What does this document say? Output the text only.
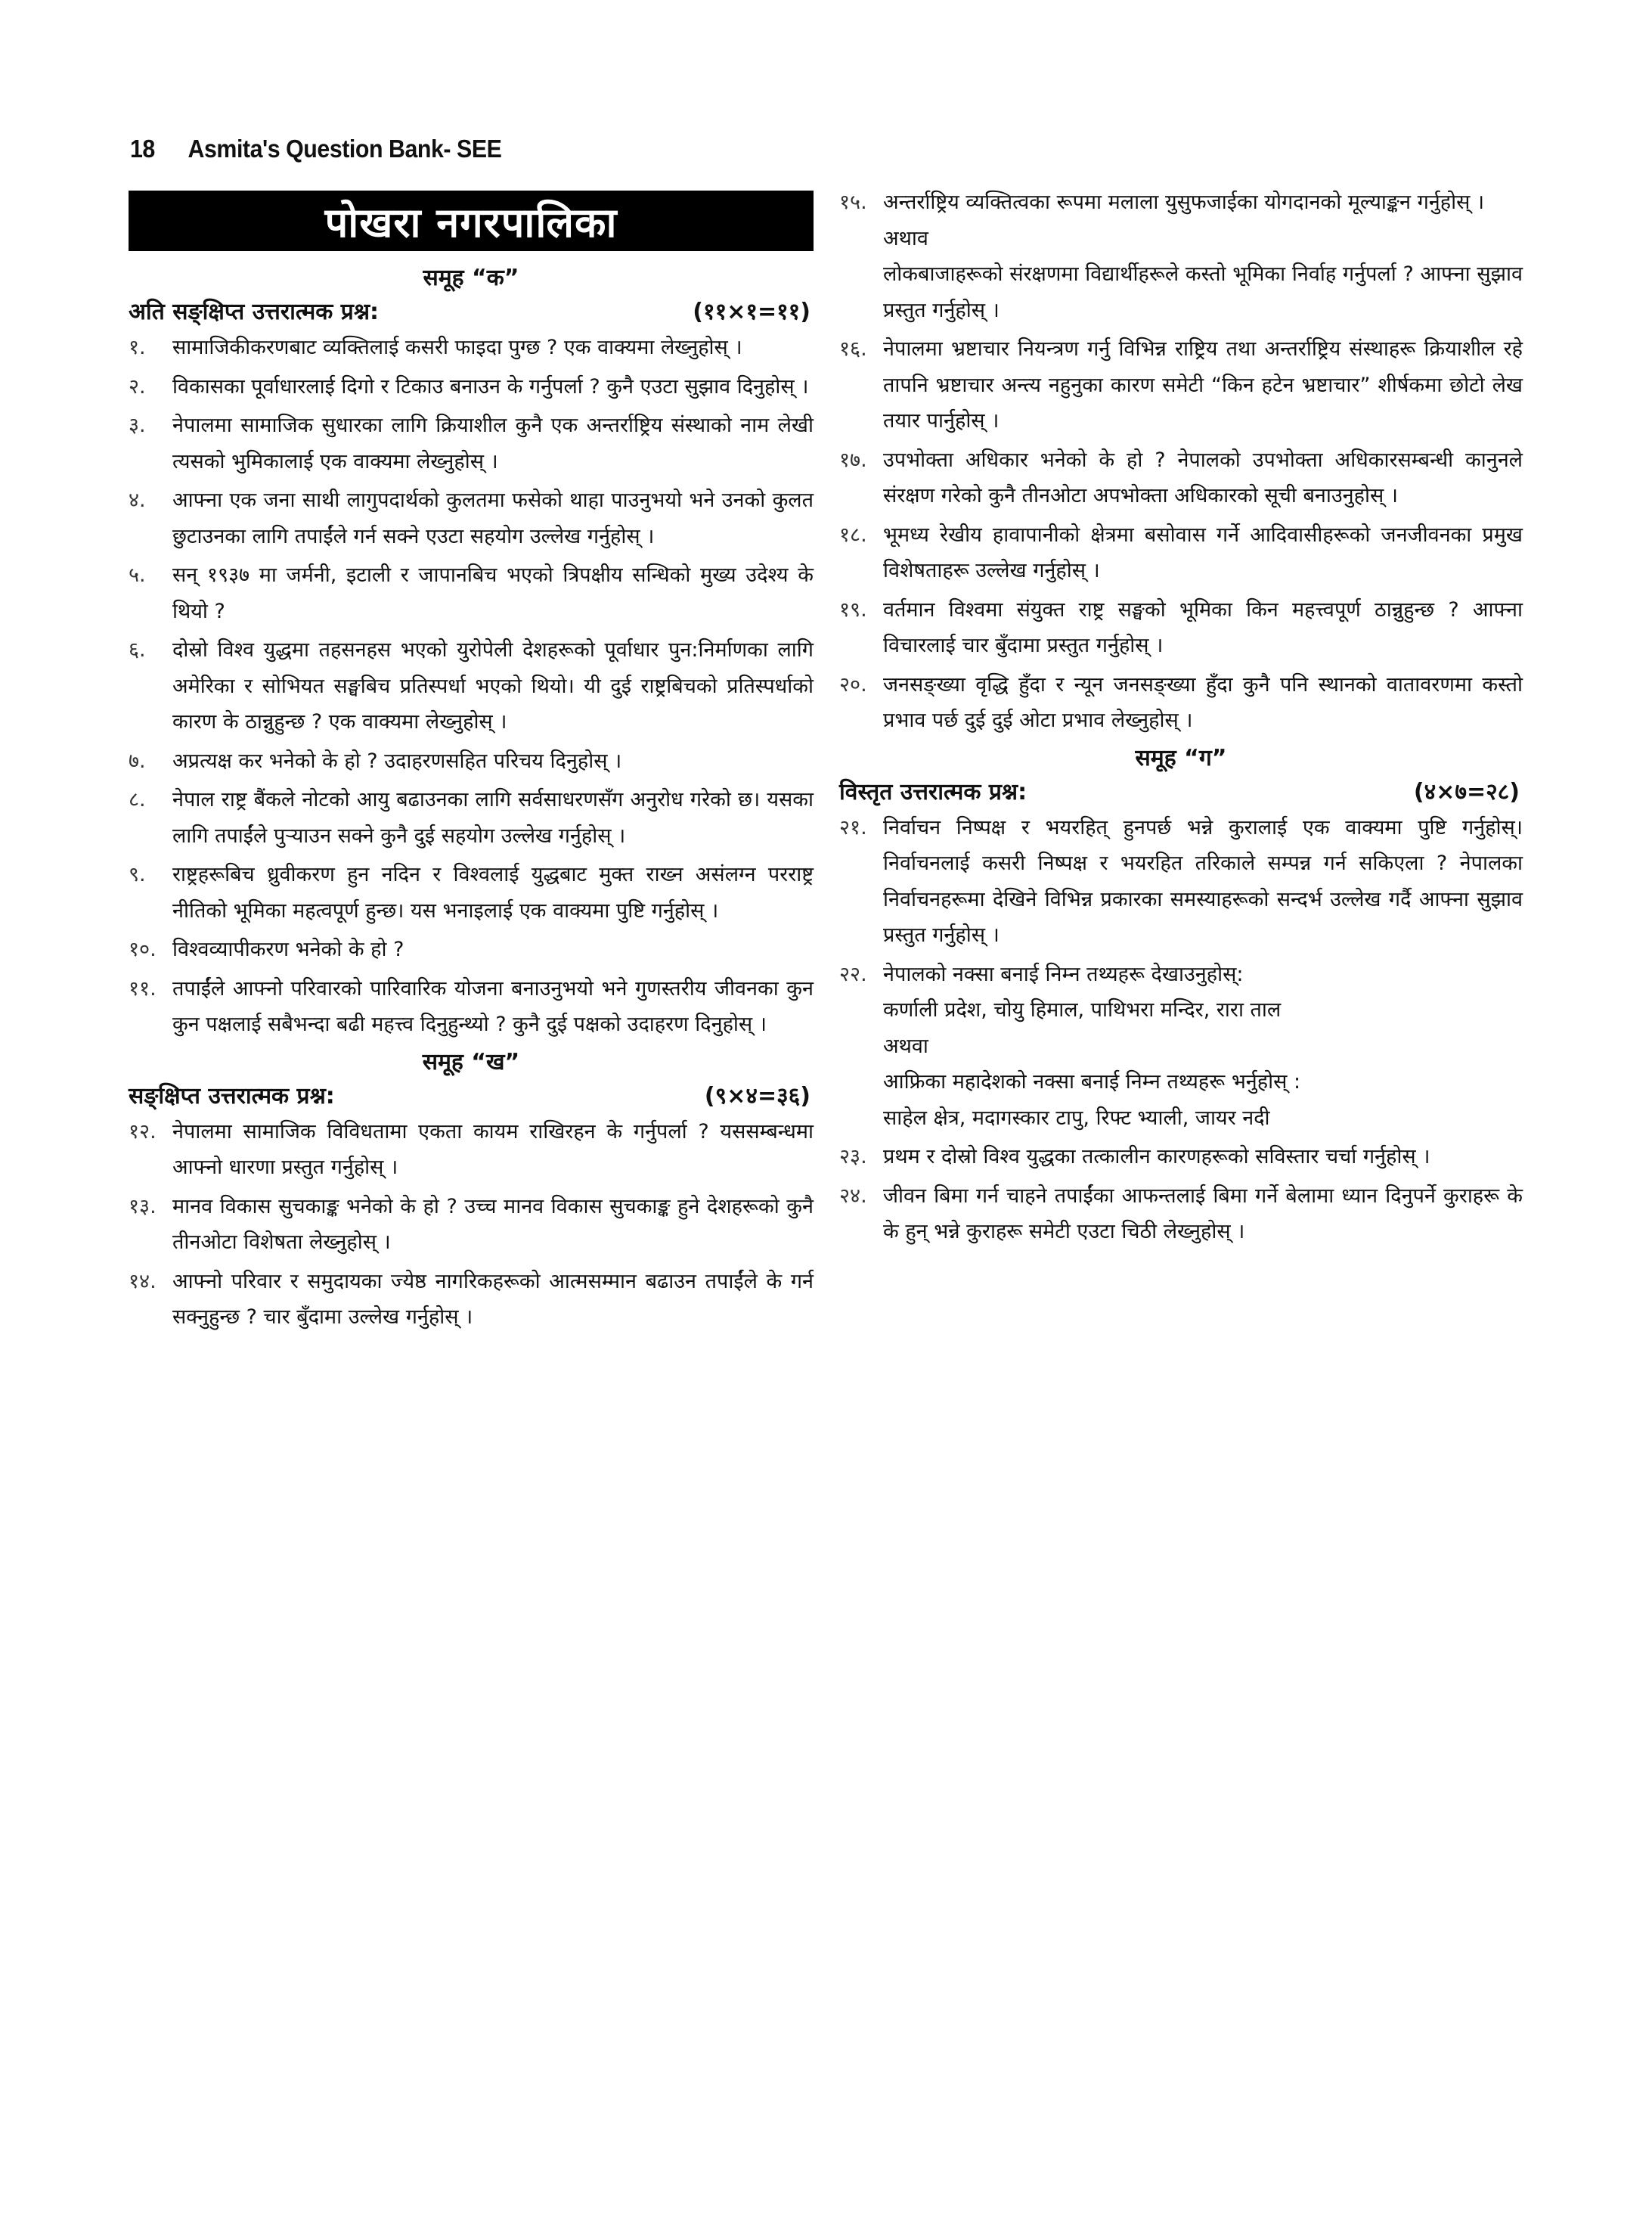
18 Asmita's Question Bank- SEE
पोखरा नगरपालिका
समूह “क”
अति सङ्क्षिप्त उत्तरात्मक प्रश्न:	(११×१=११)
१.	सामाजिकीकरणबाट व्यक्तिलाई कसरी फाइदा पुग्छ ? एक वाक्यमा लेख्नुहोस् ।
२.	विकासका पूर्वाधारलाई दिगो र टिकाउ बनाउन के गर्नुपर्ला ? कुनै एउटा सुझाव दिनुहोस् ।
३.	नेपालमा सामाजिक सुधारका लागि क्रियाशील कुनै एक अन्तर्राष्ट्रिय संस्थाको नाम लेखी त्यसको भुमिकालाई एक वाक्यमा लेख्नुहोस् ।
४.	आफ्ना एक जना साथी लागुपदार्थको कुलतमा फसेको थाहा पाउनुभयो भने उनको कुलत छुटाउनका लागि तपाईंले गर्न सक्ने एउटा सहयोग उल्लेख गर्नुहोस् ।
५.	सन् १९३७ मा जर्मनी, इटाली र जापानबिच भएको त्रिपक्षीय सन्धिको मुख्य उदेश्य के थियो ?
६.	दोस्रो विश्व युद्धमा तहसनहस भएको युरोपेली देशहरूको पूर्वाधार पुन:निर्माणका लागि अमेरिका र सोभियत सङ्घबिच प्रतिस्पर्धा भएको थियो। यी दुई राष्ट्रबिचको प्रतिस्पर्धाको कारण के ठान्नुहुन्छ ? एक वाक्यमा लेख्नुहोस् ।
७.	अप्रत्यक्ष कर भनेको के हो ? उदाहरणसहित परिचय दिनुहोस् ।
८.	नेपाल राष्ट्र बैंकले नोटको आयु बढाउनका लागि सर्वसाधरणसँग अनुरोध गरेको छ। यसका लागि तपाईंले पुऱ्याउन सक्ने कुनै दुई सहयोग उल्लेख गर्नुहोस् ।
९.	राष्ट्रहरूबिच ध्रुवीकरण हुन नदिन र विश्वलाई युद्धबाट मुक्त राख्न असंलग्न परराष्ट्र नीतिको भूमिका महत्वपूर्ण हुन्छ। यस भनाइलाई एक वाक्यमा पुष्टि गर्नुहोस् ।
१०. विश्वव्यापीकरण भनेको के हो ?
११. तपाईंले आफ्नो परिवारको पारिवारिक योजना बनाउनुभयो भने गुणस्तरीय जीवनका कुन कुन पक्षलाई सबैभन्दा बढी महत्त्व दिनुहुन्थ्यो ? कुनै दुई पक्षको उदाहरण दिनुहोस् ।
समूह “ख”
सङ्क्षिप्त उत्तरात्मक प्रश्न:	(९×४=३६)
१२. नेपालमा सामाजिक विविधतामा एकता कायम राखिरहन के गर्नुपर्ला ? यससम्बन्धमा आफ्नो धारणा प्रस्तुत गर्नुहोस् ।
१३. मानव विकास सुचकाङ्क भनेको के हो ? उच्च मानव विकास सुचकाङ्क हुने देशहरूको कुनै तीनओटा विशेषता लेख्नुहोस् ।
१४. आफ्नो परिवार र समुदायका ज्येष्ठ नागरिकहरूको आत्मसम्मान बढाउन तपाईंले के गर्न सक्नुहुन्छ ? चार बुँदामा उल्लेख गर्नुहोस् ।
१५. अन्तर्राष्ट्रिय व्यक्तित्वका रूपमा मलाला युसुफजाईका योगदानको मूल्याङ्कन गर्नुहोस् ।
अथाव
लोकबाजाहरूको संरक्षणमा विद्यार्थीहरूले कस्तो भूमिका निर्वाह गर्नुपर्ला ? आफ्ना सुझाव प्रस्तुत गर्नुहोस् ।
१६. नेपालमा भ्रष्टाचार नियन्त्रण गर्नु विभिन्न राष्ट्रिय तथा अन्तर्राष्ट्रिय संस्थाहरू क्रियाशील रहे तापनि भ्रष्टाचार अन्त्य नहुनुका कारण समेटी “किन हटेन भ्रष्टाचार” शीर्षकमा छोटो लेख तयार पार्नुहोस् ।
१७. उपभोक्ता अधिकार भनेको के हो ? नेपालको उपभोक्ता अधिकारसम्बन्धी कानुनले संरक्षण गरेको कुनै तीनओटा अपभोक्ता अधिकारको सूची बनाउनुहोस् ।
१८. भूमध्य रेखीय हावापानीको क्षेत्रमा बसोवास गर्ने आदिवासीहरूको जनजीवनका प्रमुख विशेषताहरू उल्लेख गर्नुहोस् ।
१९. वर्तमान विश्वमा संयुक्त राष्ट्र सङ्घको भूमिका किन महत्त्वपूर्ण ठान्नुहुन्छ ? आफ्ना विचारलाई चार बुँदामा प्रस्तुत गर्नुहोस् ।
२०. जनसङ्ख्या वृद्धि हुँदा र न्यून जनसङ्ख्या हुँदा कुनै पनि स्थानको वातावरणमा कस्तो प्रभाव पर्छ दुई दुई ओटा प्रभाव लेख्नुहोस् ।
समूह “ग”
विस्तृत उत्तरात्मक प्रश्न:	(४×७=२८)
२१. निर्वाचन निष्पक्ष र भयरहित् हुनपर्छ भन्ने कुरालाई एक वाक्यमा पुष्टि गर्नुहोस्। निर्वाचनलाई कसरी निष्पक्ष र भयरहित तरिकाले सम्पन्न गर्न सकिएला ? नेपालका निर्वाचनहरूमा देखिने विभिन्न प्रकारका समस्याहरूको सन्दर्भ उल्लेख गर्दै आफ्ना सुझाव प्रस्तुत गर्नुहोस् ।
२२. नेपालको नक्सा बनाई निम्न तथ्यहरू देखाउनुहोस्:
कर्णाली प्रदेश, चोयु हिमाल, पाथिभरा मन्दिर, रारा ताल
अथवा
आफ्रिका महादेशको नक्सा बनाई निम्न तथ्यहरू भर्नुहोस् :
साहेल क्षेत्र, मदागस्कार टापु, रिफ्ट भ्याली, जायर नदी
२३. प्रथम र दोस्रो विश्व युद्धका तत्कालीन कारणहरूको सविस्तार चर्चा गर्नुहोस् ।
२४. जीवन बिमा गर्न चाहने तपाईंका आफन्तलाई बिमा गर्ने बेलामा ध्यान दिनुपर्ने कुराहरू के के हुन् भन्ने कुराहरू समेटी एउटा चिठी लेख्नुहोस् ।
